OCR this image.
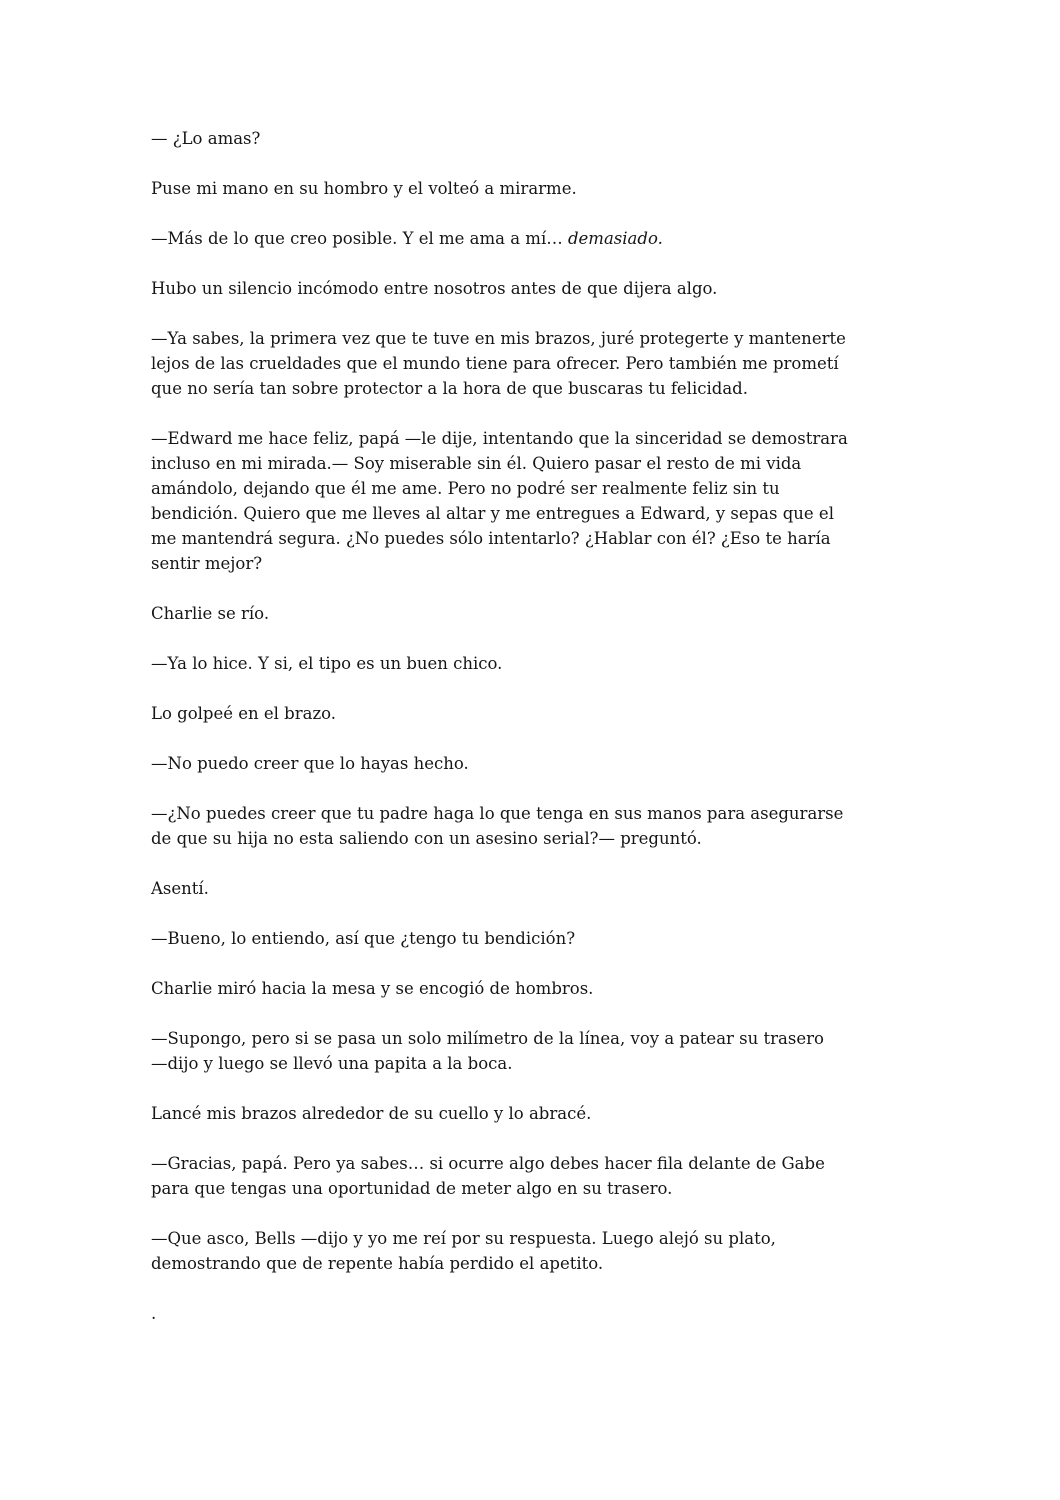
— ¿Lo amas?

Puse mi mano en su hombro y el volteó a mirarme.

—Más de lo que creo posible. Y el me ama a mí… demasiado.

Hubo un silencio incómodo entre nosotros antes de que dijera algo.

—Ya sabes, la primera vez que te tuve en mis brazos, juré protegerte y mantenerte
lejos de las crueldades que el mundo tiene para ofrecer. Pero también me prometí
que no sería tan sobre protector a la hora de que buscaras tu felicidad.

—Edward me hace feliz, papá —le dije, intentando que la sinceridad se demostrara
incluso en mi mirada.— Soy miserable sin él. Quiero pasar el resto de mi vida
amándolo, dejando que él me ame. Pero no podré ser realmente feliz sin tu
bendición. Quiero que me lleves al altar y me entregues a Edward, y sepas que el
me mantendrá segura. ¿No puedes sólo intentarlo? ¿Hablar con él? ¿Eso te haría
sentir mejor?

Charlie se río.

—Ya lo hice. Y si, el tipo es un buen chico.

Lo golpeé en el brazo.

—No puedo creer que lo hayas hecho.

—¿No puedes creer que tu padre haga lo que tenga en sus manos para asegurarse
de que su hija no esta saliendo con un asesino serial?— preguntó.

Asentí.

—Bueno, lo entiendo, así que ¿tengo tu bendición?

Charlie miró hacia la mesa y se encogió de hombros.

—Supongo, pero si se pasa un solo milímetro de la línea, voy a patear su trasero
—dijo y luego se llevó una papita a la boca.

Lancé mis brazos alrededor de su cuello y lo abracé.

—Gracias, papá. Pero ya sabes… si ocurre algo debes hacer fila delante de Gabe
para que tengas una oportunidad de meter algo en su trasero.

—Que asco, Bells —dijo y yo me reí por su respuesta. Luego alejó su plato,
demostrando que de repente había perdido el apetito.

.
